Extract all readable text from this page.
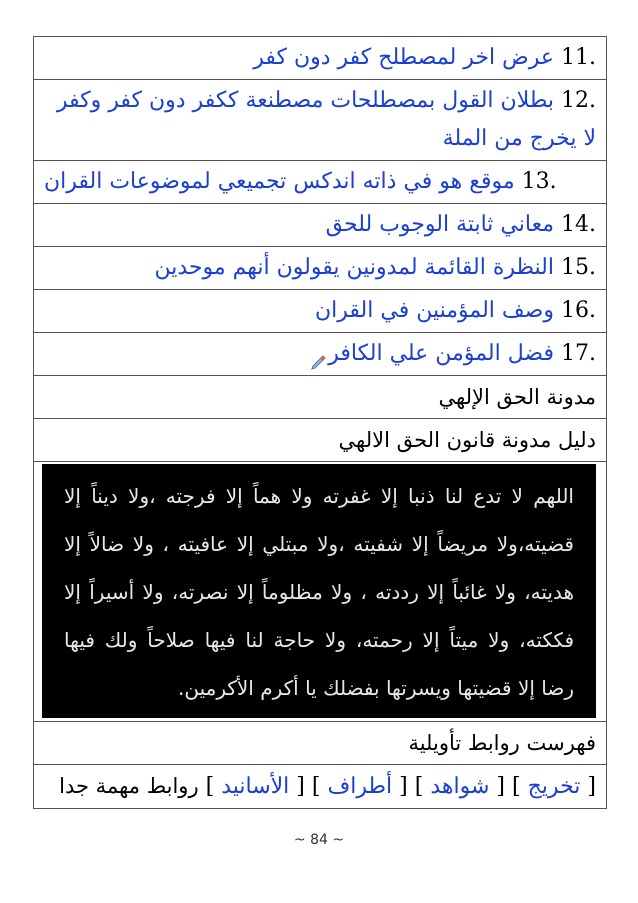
.11 عرض اخر لمصطلح كفر دون كفر
.12 بطلان القول بمصطلحات مصطنعة ككفر دون كفر وكفر لا يخرج من الملة
.13 موقع هو في ذاته اندكس تجميعي لموضوعات القران
.14 معاني ثابتة الوجوب للحق
.15 النظرة القائمة لمدونين يقولون أنهم موحدين
.16 وصف المؤمنين في القران
.17 فضل المؤمن علي الكافر
مدونة الحق الإلهي
دليل مدونة قانون الحق الالهي
اللهم لا تدع لنا ذنبا إلا غفرته ولا هماً إلا فرجته ،ولا ديناً إلا قضيته،ولا مريضاً إلا شفيته ،ولا مبتلي إلا عافيته ، ولا ضالاً إلا هديته، ولا غائباً إلا رددته ، ولا مظلوماً إلا نصرته، ولا أسيراً إلا فككته، ولا ميتاً إلا رحمته، ولا حاجة لنا فيها صلاحاً ولك فيها رضا إلا قضيتها ويسرتها بفضلك يا أكرم الأكرمين.
فهرست روابط تأويلية
[ تخريج ] [ شواهد ] [ أطراف ] [ الأسانيد ] روابط مهمة جدا
~ 84 ~
